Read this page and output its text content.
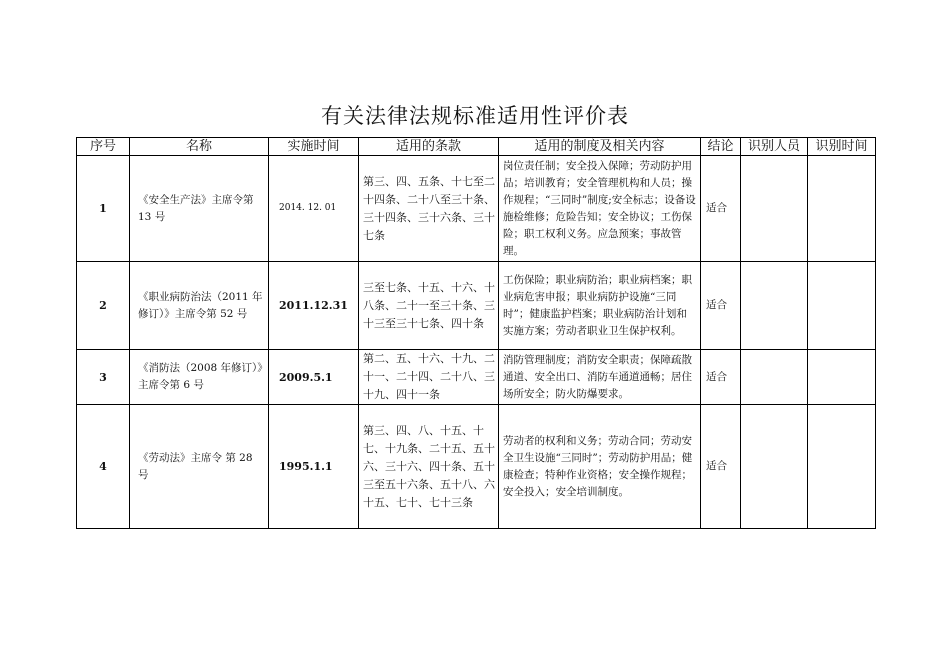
有关法律法规标准适用性评价表
序号	名称	实施时间	适用的条款	适用的制度及相关内容	结论	识别人员	识别时间
1	《安全生产法》主席令第 13 号	2014. 12. 01	第三、四、五条、十七至二十四条、二十八至三十条、三十四条、三十六条、三十七条	岗位责任制；安全投入保障；劳动防护用品；培训教育；安全管理机构和人员；操作规程；“三同时”制度;安全标志；设备设施检维修；危险告知；安全协议；工伤保险；职工权利义务。应急预案；事故管理。	适合		
2	《职业病防治法（2011 年修订）》主席令第 52 号	2011.12.31	三至七条、十五、十六、十八条、二十一至三十条、三十三至三十七条、四十条	工伤保险；职业病防治；职业病档案；职业病危害申报；职业病防护设施“三同时”；健康监护档案；职业病防治计划和实施方案；劳动者职业卫生保护权利。	适合		
3	《消防法（2008 年修订）》主席令第 6 号	2009.5.1	第二、五、十六、十九、二十一、二十四、二十八、三十九、四十一条	消防管理制度；消防安全职责；保障疏散通道、安全出口、消防车通道通畅；居住场所安全；防火防爆要求。	适合		
4	《劳动法》主席令 第 28 号	1995.1.1	第三、四、八、十五、十七、十九条、二十五、五十六、三十六、四十条、五十三至五十六条、五十八、六十五、七十、七十三条	劳动者的权利和义务；劳动合同；劳动安全卫生设施“三同时”；劳动防护用品；健康检查；特种作业资格；安全操作规程；安全投入；安全培训制度。	适合		
